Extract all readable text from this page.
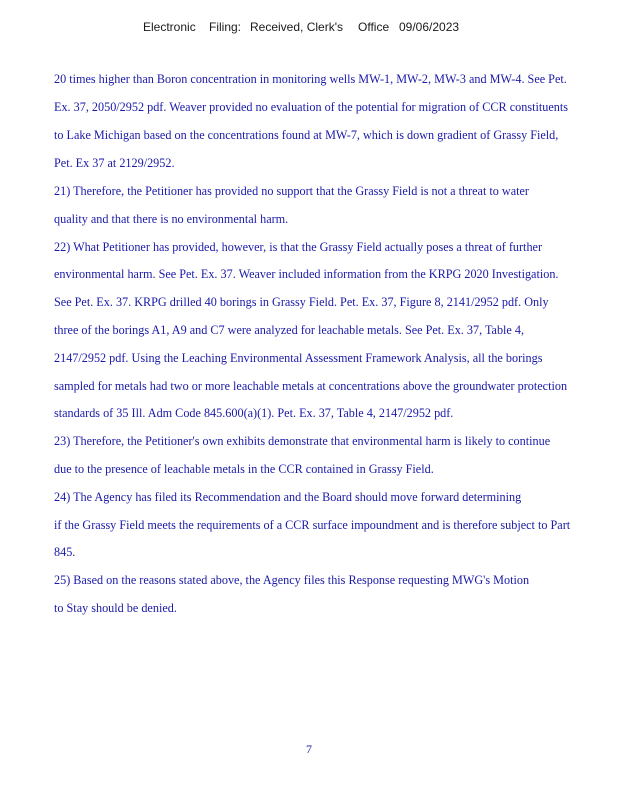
Electronic Filing: Received, Clerk's Office 09/06/2023
20 times higher than Boron concentration in monitoring wells MW-1, MW-2, MW-3 and MW-4. See Pet.
Ex. 37, 2050/2952 pdf. Weaver provided no evaluation of the potential for migration of CCR constituents
to Lake Michigan based on the concentrations found at MW-7, which is down gradient of Grassy Field,
Pet. Ex 37 at 2129/2952.
21) Therefore, the Petitioner has provided no support that the Grassy Field is not a threat to water
quality and that there is no environmental harm.
22) What Petitioner has provided, however, is that the Grassy Field actually poses a threat of further
environmental harm. See Pet. Ex. 37. Weaver included information from the KRPG 2020 Investigation.
See Pet. Ex. 37. KRPG drilled 40 borings in Grassy Field. Pet. Ex. 37, Figure 8, 2141/2952 pdf. Only
three of the borings A1, A9 and C7 were analyzed for leachable metals. See Pet. Ex. 37, Table 4,
2147/2952 pdf. Using the Leaching Environmental Assessment Framework Analysis, all the borings
sampled for metals had two or more leachable metals at concentrations above the groundwater protection
standards of 35 Ill. Adm Code 845.600(a)(1). Pet. Ex. 37, Table 4, 2147/2952 pdf.
23) Therefore, the Petitioner's own exhibits demonstrate that environmental harm is likely to continue
due to the presence of leachable metals in the CCR contained in Grassy Field.
24) The Agency has filed its Recommendation and the Board should move forward determining
if the Grassy Field meets the requirements of a CCR surface impoundment and is therefore subject to Part
845.
25) Based on the reasons stated above, the Agency files this Response requesting MWG's Motion
to Stay should be denied.
7
